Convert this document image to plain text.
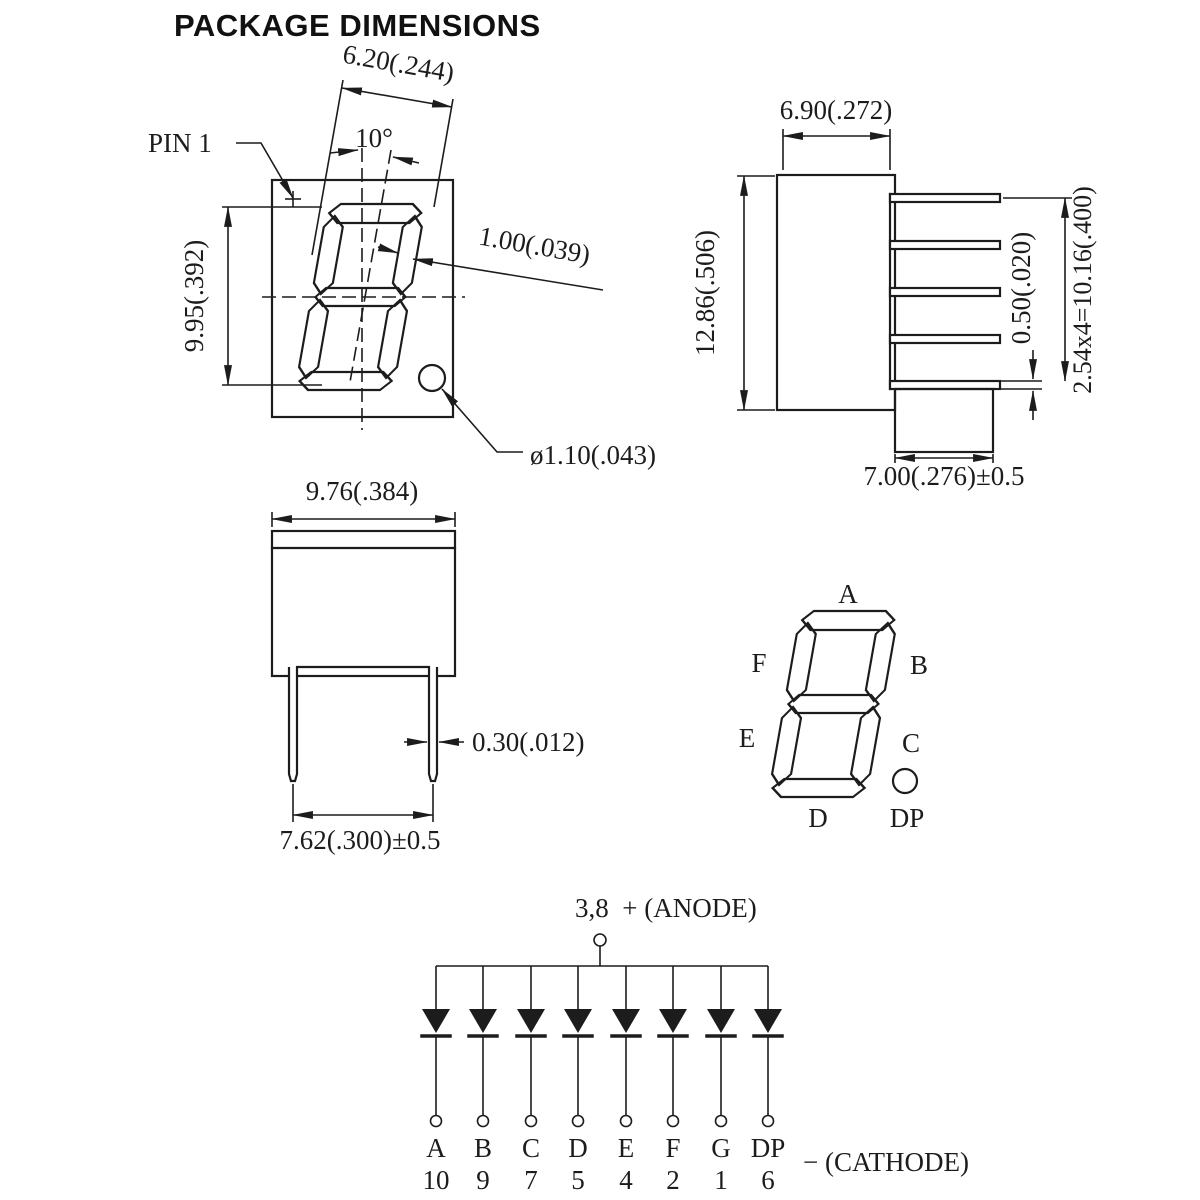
PACKAGE DIMENSIONS
PIN 1
6.20(.244)
10°
9.95(.392)	1.00(.039)
ø1.10(.043)
6.90(.272)
12.86(.506)	0.50(.020) 2.54x4=10.16(.400)
7.00(.276)±0.5
9.76(.384)
0.30(.012)
7.62(.300)±0.5
A
F	B
E	C
D DP
3,8  + (ANODE)
− (CATHODE)
A
10
B
9
C
7
D
5
E
4
F
2
G
1
DP
6
